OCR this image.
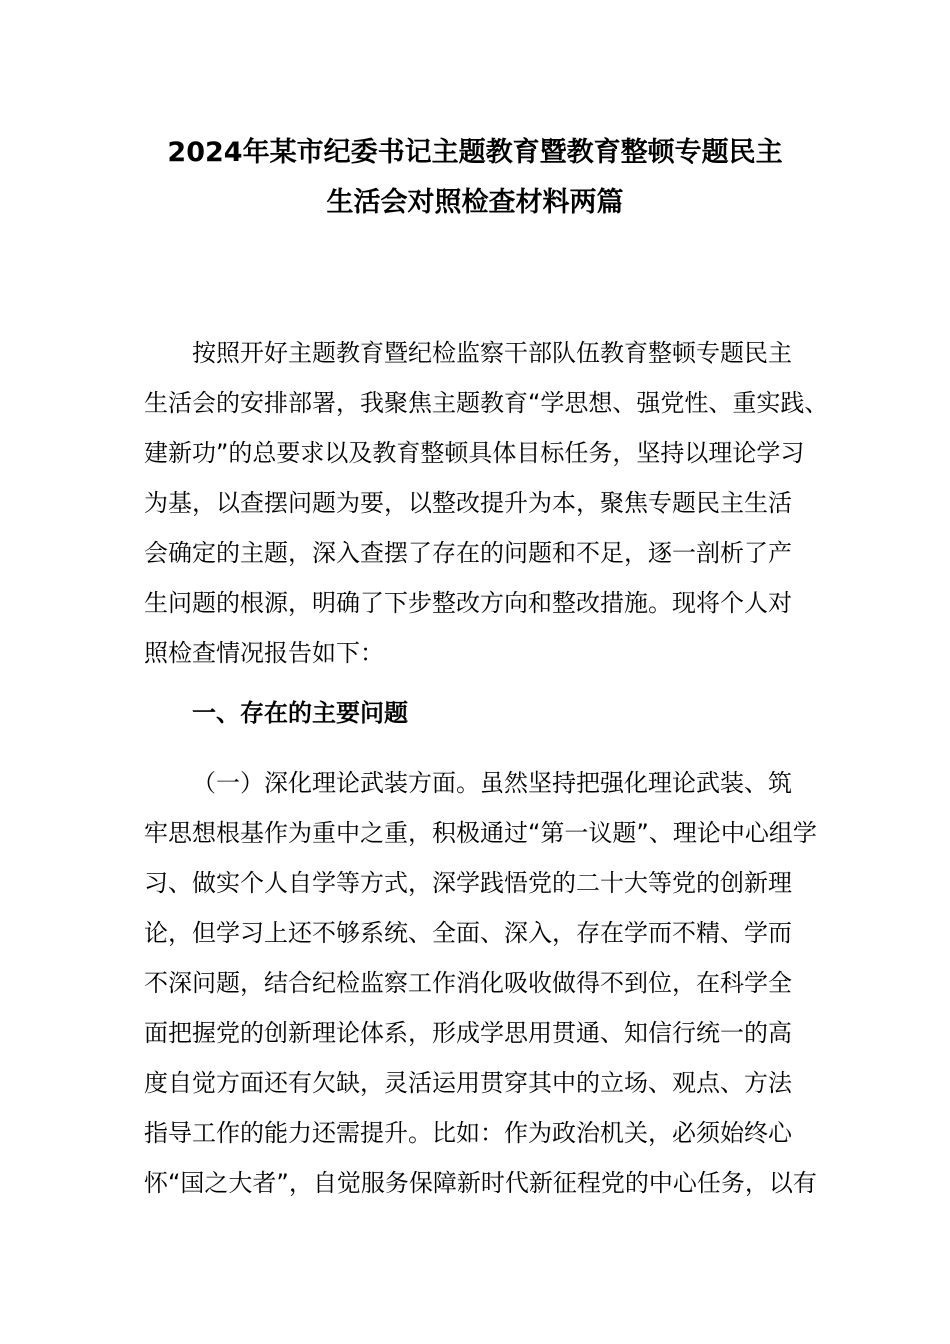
2024年某市纪委书记主题教育暨教育整顿专题民主
生活会对照检查材料两篇
按照开好主题教育暨纪检监察干部队伍教育整顿专题民主
生活会的安排部署，我聚焦主题教育“学思想、强党性、重实践、
建新功”的总要求以及教育整顿具体目标任务，坚持以理论学习
为基，以查摆问题为要，以整改提升为本，聚焦专题民主生活
会确定的主题，深入查摆了存在的问题和不足，逐一剖析了产
生问题的根源，明确了下步整改方向和整改措施。现将个人对
照检查情况报告如下：
一、存在的主要问题
（一）深化理论武装方面。虽然坚持把强化理论武装、筑
牢思想根基作为重中之重，积极通过“第一议题”、理论中心组学
习、做实个人自学等方式，深学践悟党的二十大等党的创新理
论，但学习上还不够系统、全面、深入，存在学而不精、学而
不深问题，结合纪检监察工作消化吸收做得不到位，在科学全
面把握党的创新理论体系，形成学思用贯通、知信行统一的高
度自觉方面还有欠缺，灵活运用贯穿其中的立场、观点、方法
指导工作的能力还需提升。比如：作为政治机关，必须始终心
怀“国之大者”，自觉服务保障新时代新征程党的中心任务，以有
